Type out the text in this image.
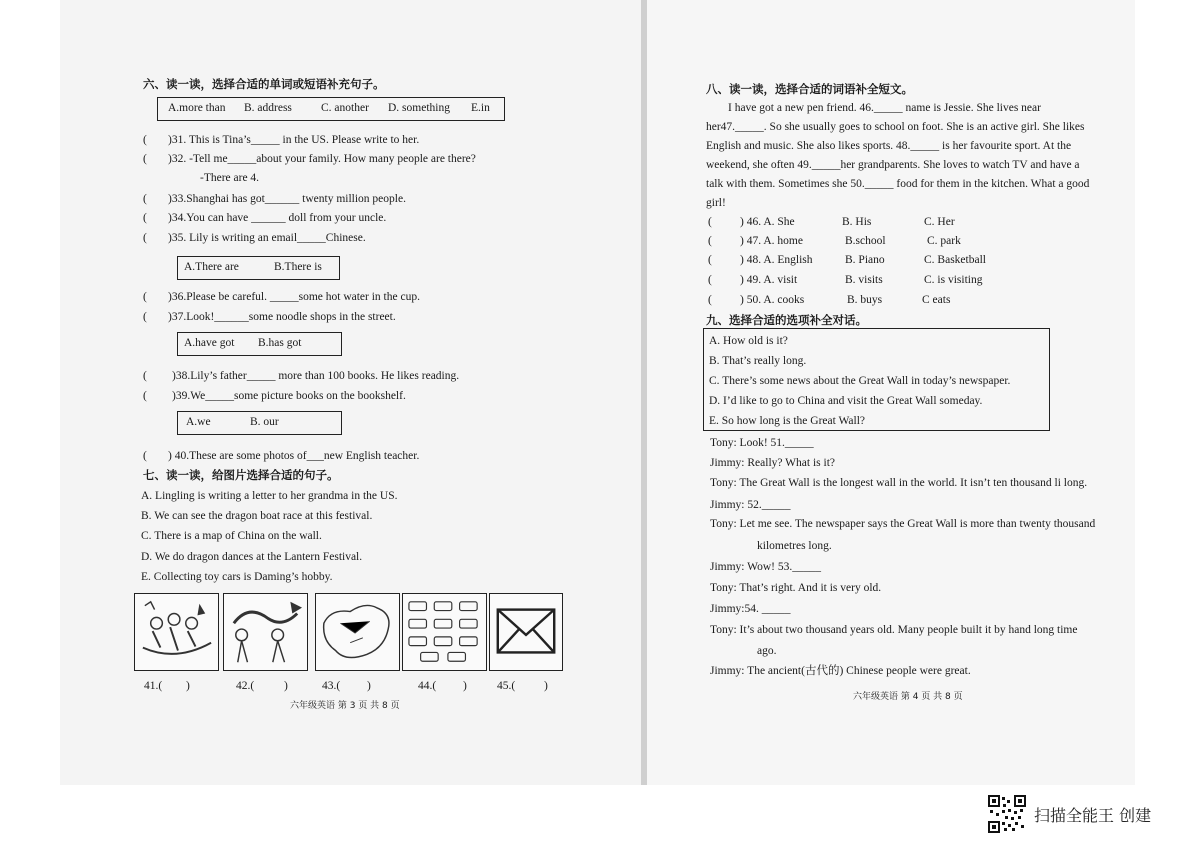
六、读一读，选择合适的单词或短语补充句子。
A.more than B. address	C. another D. something E.in
( )31. This is Tina’s_____ in the US. Please write to her.
( )32. -Tell me_____about your family. How many people are there?
-There are 4.
( )33.Shanghai has got______ twenty million people.
( )34.You can have ______ doll from your uncle.
( )35. Lily is writing an email_____Chinese.
A.There are	B.There is
( )36.Please be careful. _____some hot water in the cup.
( )37.Look!______some noodle shops in the street.
A.have got B.has got
( )38.Lily’s father_____ more than 100 books. He likes reading.
( )39.We_____some picture books on the bookshelf.
A.we	B. our
( ) 40.These are some photos of___new English teacher.
七、读一读，给图片选择合适的句子。
A. Lingling is writing a letter to her grandma in the US.
B. We can see the dragon boat race at this festival.
C. There is a map of China on the wall.
D. We do dragon dances at the Lantern Festival.
E. Collecting toy cars is Daming’s hobby.
41.( )	42.(	)	43.( )	44.( )	45.(	)
六年级英语 第 3 页 共 8 页
八、读一读，选择合适的词语补全短文。
I have got a new pen friend. 46._____ name is Jessie. She lives near
her47._____. So she usually goes to school on foot. She is an active girl. She likes
English and music. She also likes sports. 48._____ is her favourite sport. At the
weekend, she often 49._____her grandparents. She loves to watch TV and have a
talk with them. Sometimes she 50._____ food for them in the kitchen. What a good
girl!
( ) 46. A. She	B. His	C. Her
( ) 47. A. home	B.school	C. park
( ) 48. A. English	B. Piano	C. Basketball
( ) 49. A. visit	B. visits	C. is visiting
( ) 50. A. cooks	B. buys	C eats
九、选择合适的选项补全对话。
A. How old is it?
B. That’s really long.
C. There’s some news about the Great Wall in today’s newspaper.
D. I’d like to go to China and visit the Great Wall someday.
E. So how long is the Great Wall?
Tony: Look! 51._____
Jimmy: Really? What is it?
Tony: The Great Wall is the longest wall in the world. It isn’t ten thousand li long.
Jimmy: 52._____
Tony: Let me see. The newspaper says the Great Wall is more than twenty thousand
kilometres long.
Jimmy: Wow! 53._____
Tony: That’s right. And it is very old.
Jimmy:54. _____
Tony: It’s about two thousand years old. Many people built it by hand long time
ago.
Jimmy: The ancient(古代的) Chinese people were great.
六年级英语 第 4 页 共 8 页
扫描全能王 创建
